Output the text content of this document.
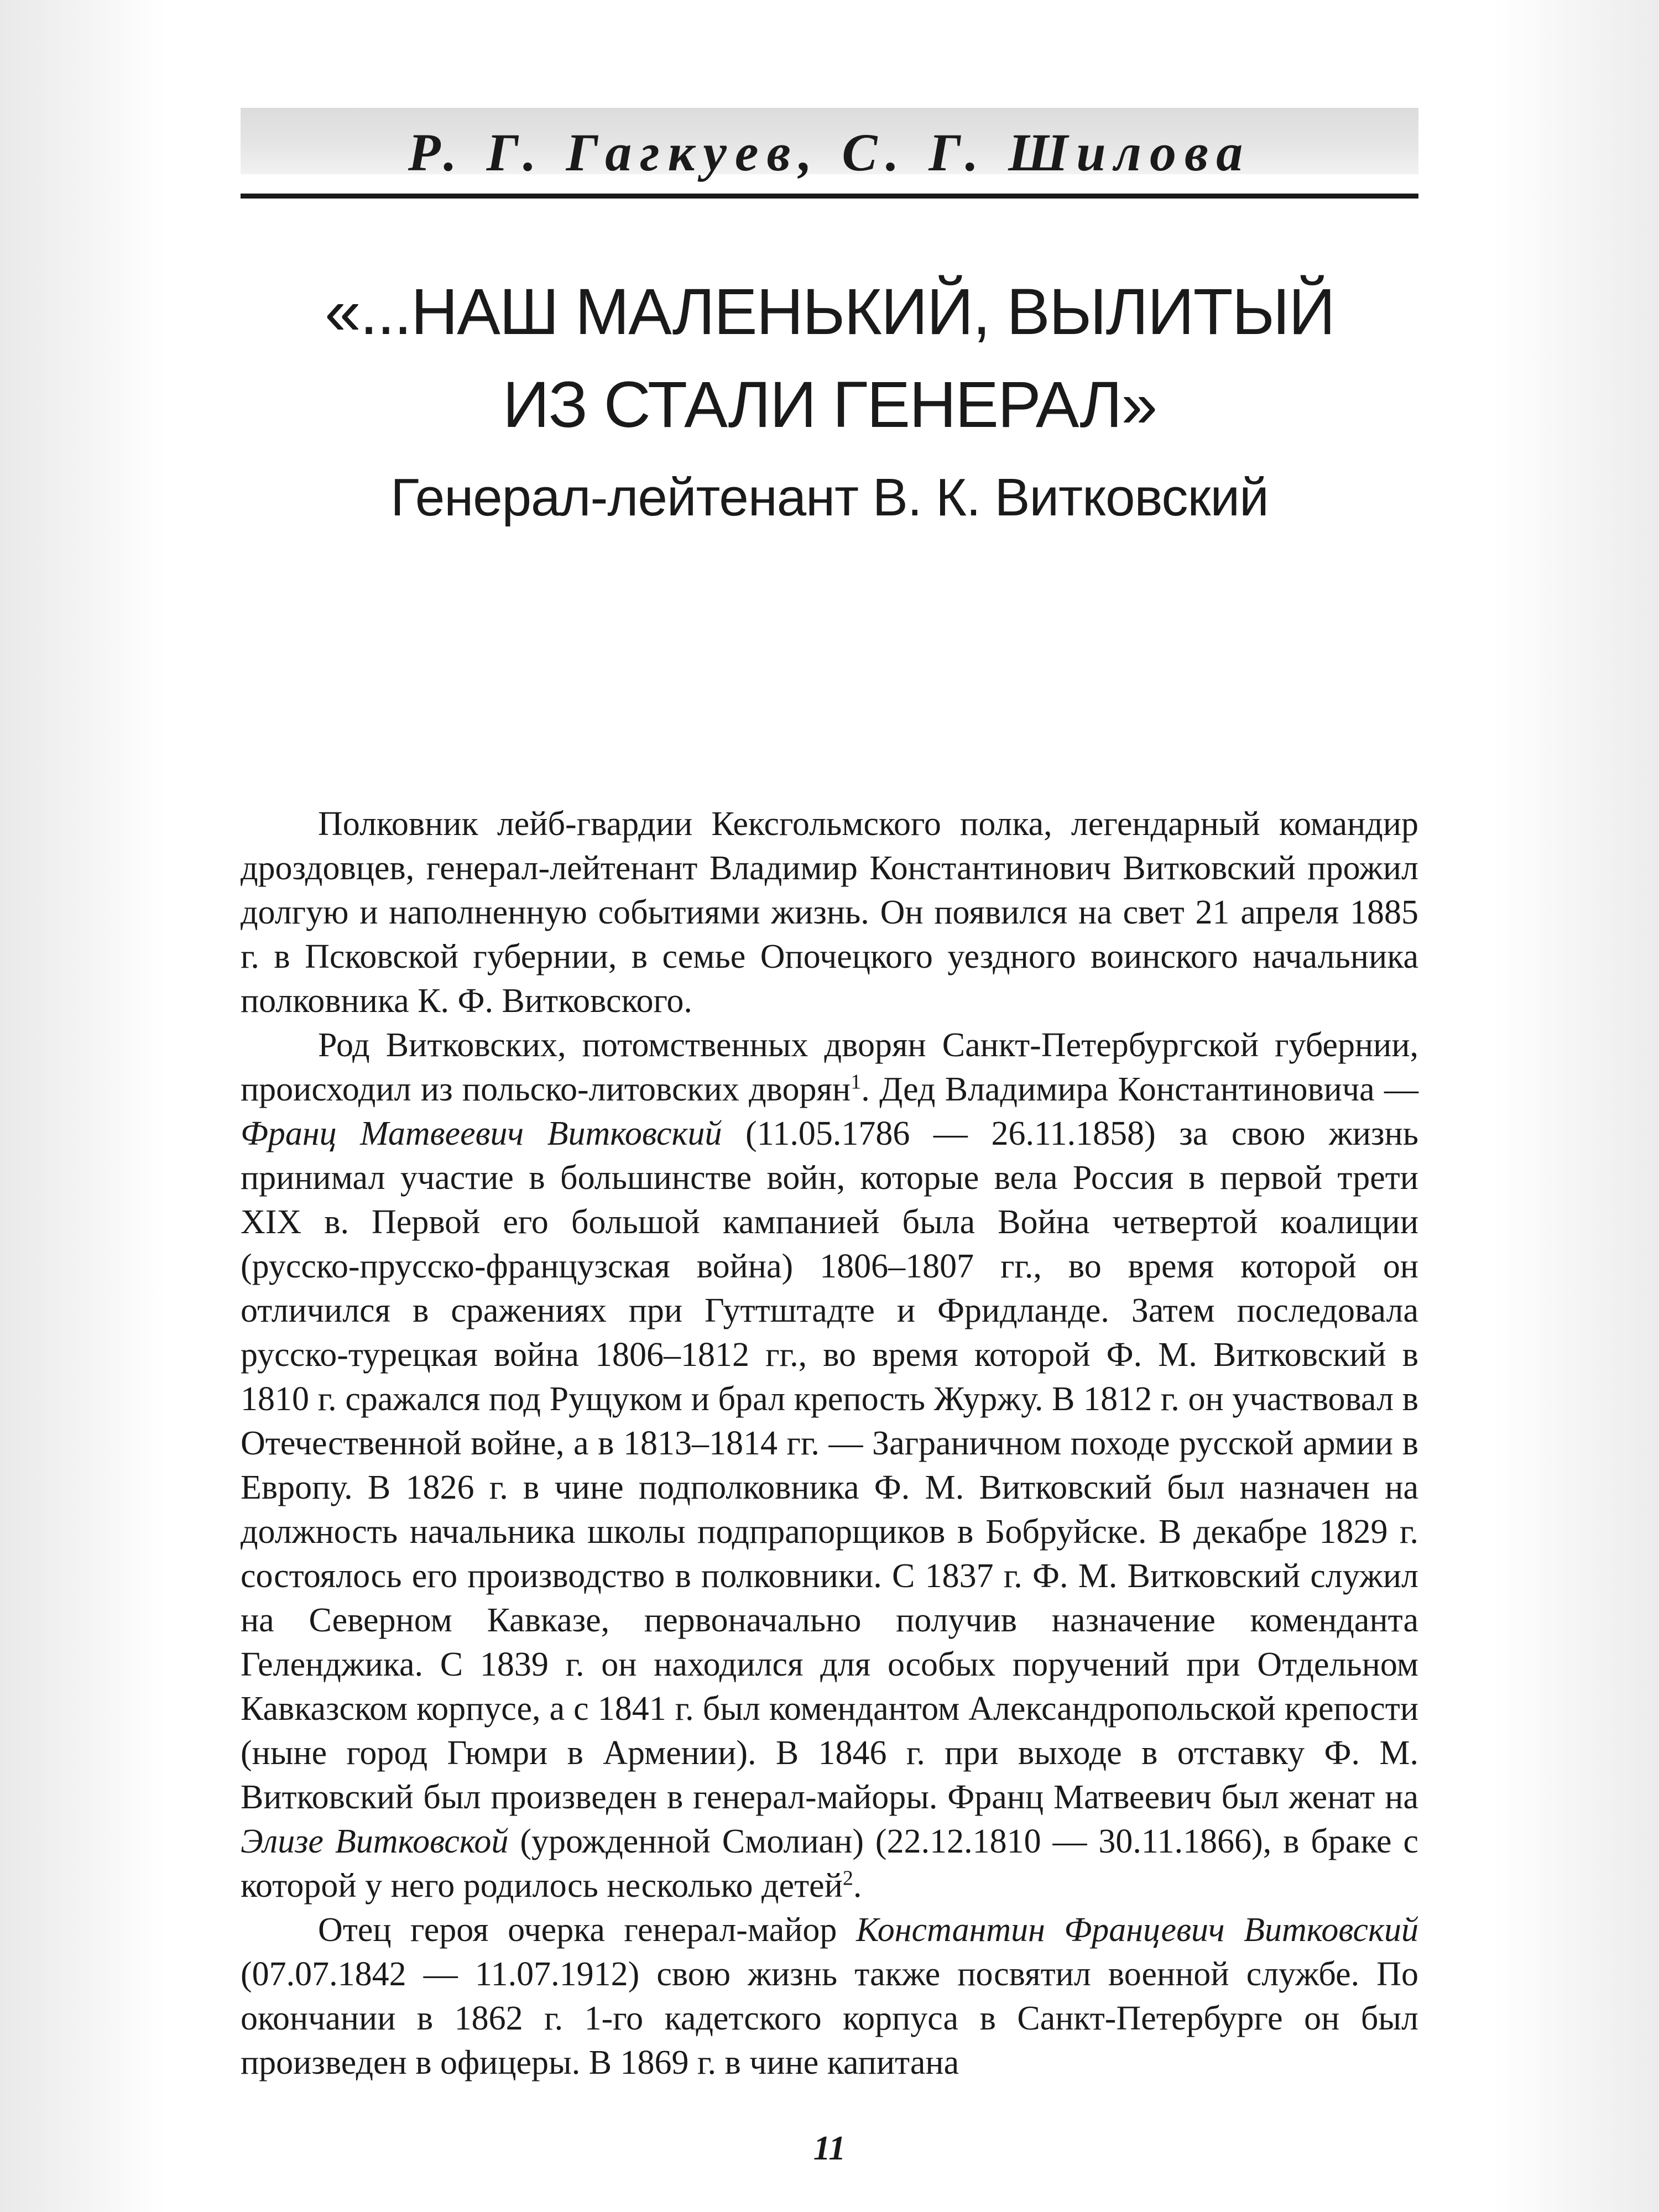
Р. Г. Гагкуев, С. Г. Шилова
«...НАШ МАЛЕНЬКИЙ, ВЫЛИТЫЙ
ИЗ СТАЛИ ГЕНЕРАЛ»
Генерал-лейтенант В. К. Витковский

Полковник лейб-гвардии Кексгольмского полка, легендарный командир дроздовцев, генерал-лейтенант Владимир Константинович Витковский прожил долгую и наполненную событиями жизнь. Он появился на свет 21 апреля 1885 г. в Псковской губернии, в семье Опочецкого уездного воинского начальника полковника К. Ф. Витковского.

Род Витковских, потомственных дворян Санкт-Петербургской губернии, происходил из польско-литовских дворян$^1$. Дед Владимира Константиновича — Франц Матвеевич Витковский (11.05.1786 — 26.11.1858) за свою жизнь принимал участие в большинстве войн, которые вела Россия в первой трети XIX в. Первой его большой кампанией была Война четвертой коалиции (русско-прусско-французская война) 1806–1807 гг., во время которой он отличился в сражениях при Гуттштадте и Фридланде. Затем последовала русско-турецкая война 1806–1812 гг., во время которой Ф. М. Витковский в 1810 г. сражался под Рущуком и брал крепость Журжу. В 1812 г. он участвовал в Отечественной войне, а в 1813–1814 гг. — Заграничном походе русской армии в Европу. В 1826 г. в чине подполковника Ф. М. Витковский был назначен на должность начальника школы подпрапорщиков в Бобруйске. В декабре 1829 г. состоялось его производство в полковники. С 1837 г. Ф. М. Витковский служил на Северном Кавказе, первоначально получив назначение коменданта Геленджика. С 1839 г. он находился для особых поручений при Отдельном Кавказском корпусе, а с 1841 г. был комендантом Александропольской крепости (ныне город Гюмри в Армении). В 1846 г. при выходе в отставку Ф. М. Витковский был произведен в генерал-майоры. Франц Матвеевич был женат на Элизе Витковской (урожденной Смолиан) (22.12.1810 — 30.11.1866), в браке с которой у него родилось несколько детей$^2$.

Отец героя очерка генерал-майор Константин Францевич Витковский (07.07.1842 — 11.07.1912) свою жизнь также посвятил военной службе. По окончании в 1862 г. 1-го кадетского корпуса в Санкт-Петербурге он был произведен в офицеры. В 1869 г. в чине капитана

11
